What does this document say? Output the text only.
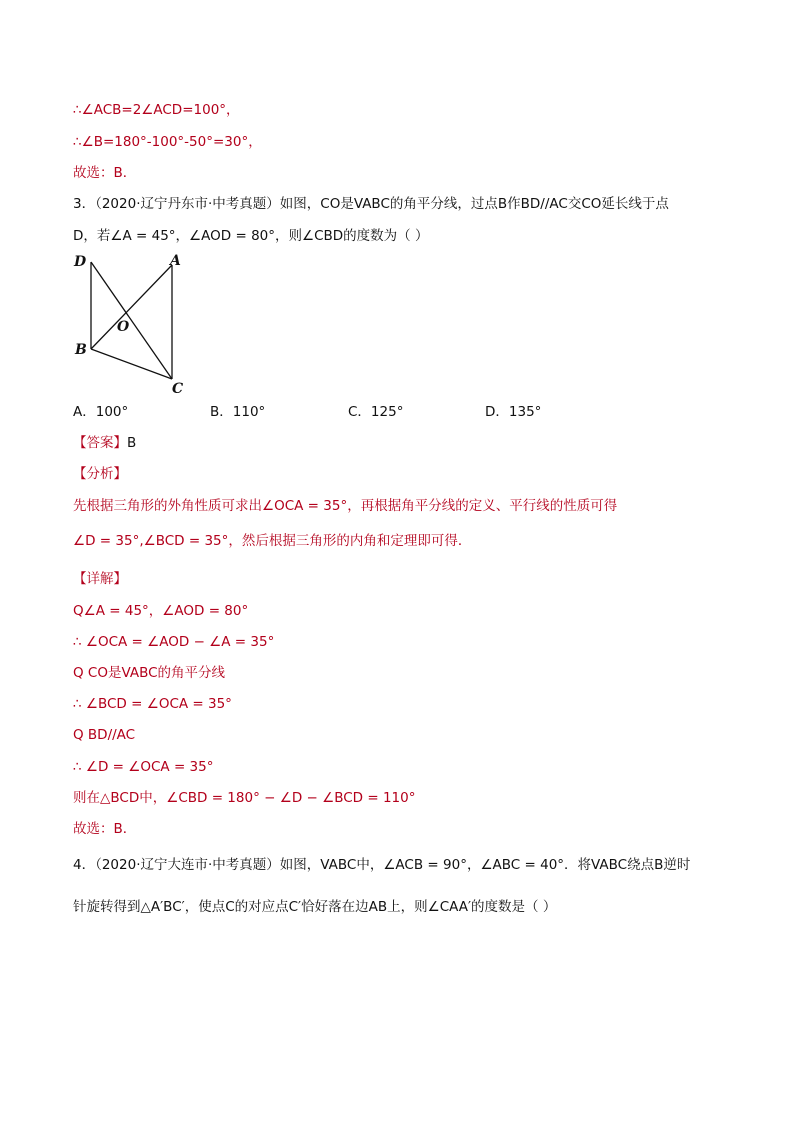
∴∠ACB=2∠ACD=100°，
∴∠B=180°-100°-50°=30°，
故选：B．
3．（2020·辽宁丹东市·中考真题）如图，CO是VABC的角平分线，过点B作BD//AC交CO延长线于点
D，若∠A = 45°，∠AOD = 80°，则∠CBD的度数为（ ）
D	A
O
B
C
A．100°	B．110°	C．125°	D．135°
【答案】B
【分析】
先根据三角形的外角性质可求出∠OCA = 35°，再根据角平分线的定义、平行线的性质可得
∠D = 35°,∠BCD = 35°，然后根据三角形的内角和定理即可得．
【详解】
Q∠A = 45°，∠AOD = 80°
∴ ∠OCA = ∠AOD − ∠A = 35°
Q CO是VABC的角平分线
∴ ∠BCD = ∠OCA = 35°
Q BD//AC
∴ ∠D = ∠OCA = 35°
则在△BCD中，∠CBD = 180° − ∠D − ∠BCD = 110°
故选：B．
4．（2020·辽宁大连市·中考真题）如图，VABC中，∠ACB = 90°，∠ABC = 40°．将VABC绕点B逆时
针旋转得到△A′BC′，使点C的对应点C′恰好落在边AB上，则∠CAA′的度数是（ ）
